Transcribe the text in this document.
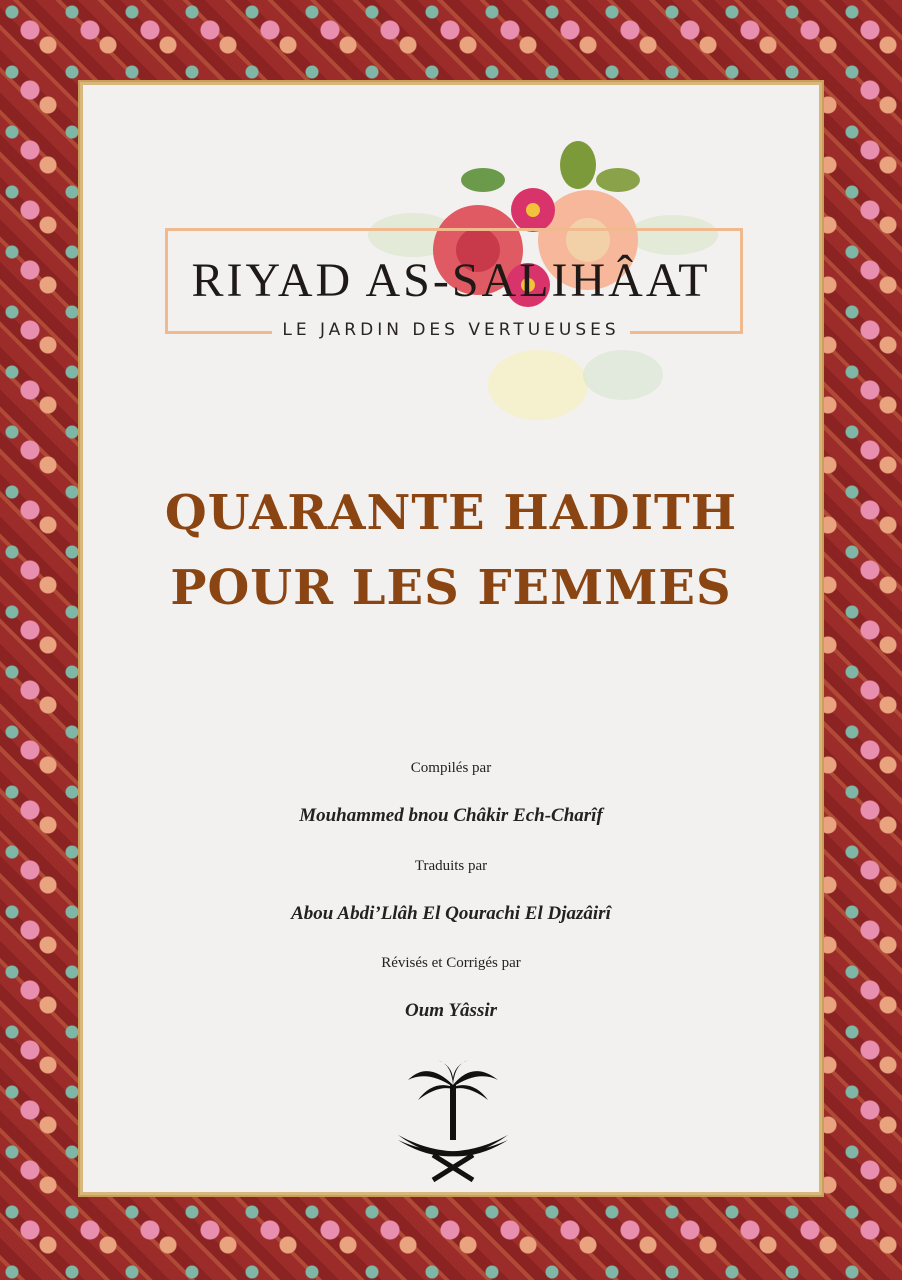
RIYAD AS-SALIHÂAT
LE JARDIN DES VERTUEUSES
QUARANTE HADITH
POUR LES FEMMES
Compilés par
Mouhammed bnou Châkir Ech-Charîf
Traduits par
Abou Abdi’Llâh El Qourachi El Djazâirî
Révisés et Corrigés par
Oum Yâssir
